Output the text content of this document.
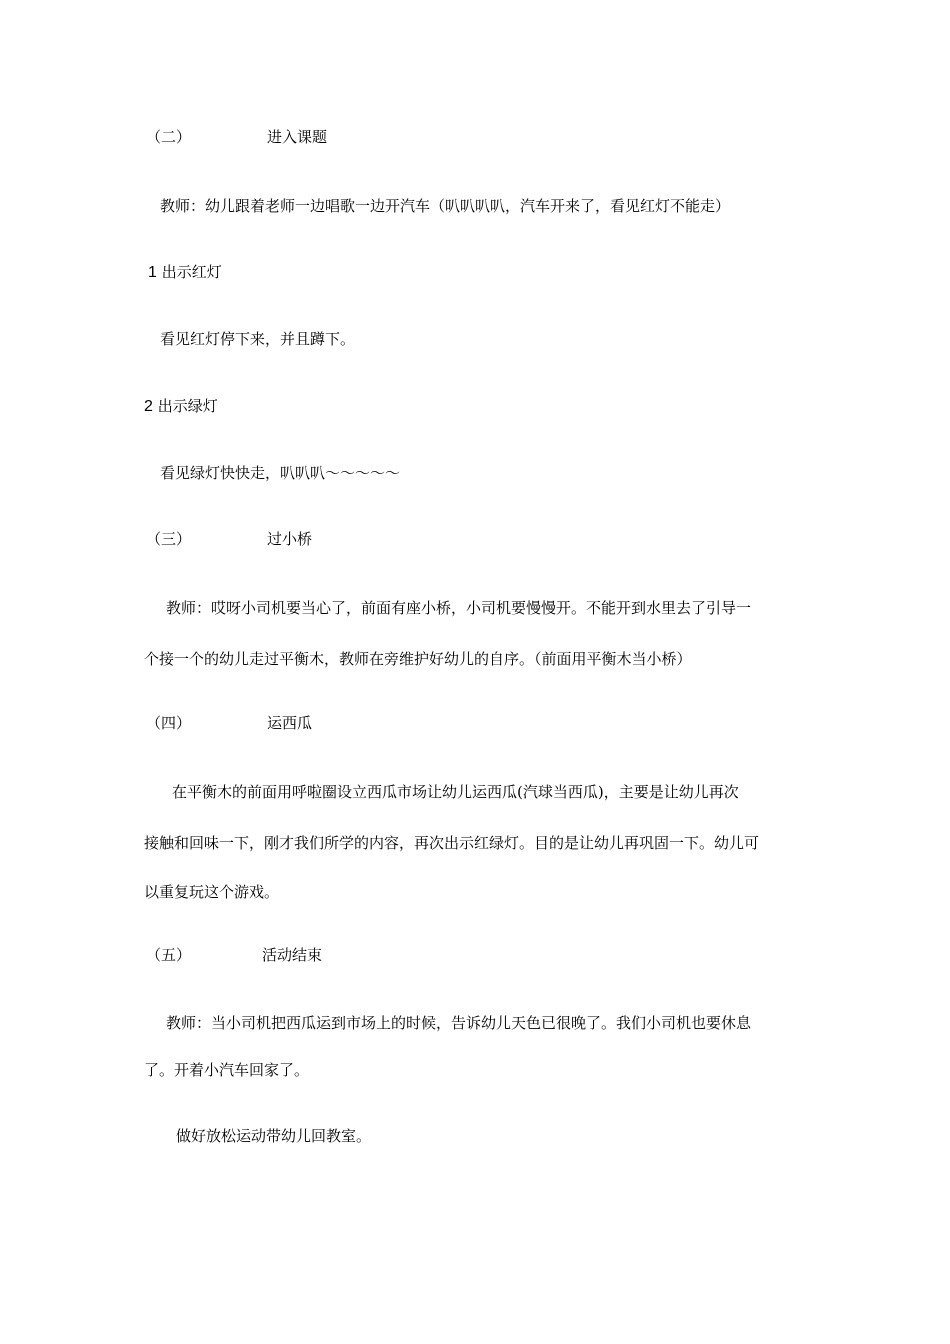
（二）	进入课题
教师：幼儿跟着老师一边唱歌一边开汽车（叭叭叭叭，汽车开来了，看见红灯不能走）
1 出示红灯
看见红灯停下来，并且蹲下。
2 出示绿灯
看见绿灯快快走，叭叭叭～～～～～
（三）	过小桥
教师：哎呀小司机要当心了，前面有座小桥，小司机要慢慢开。不能开到水里去了引导一
个接一个的幼儿走过平衡木，教师在旁维护好幼儿的自序。（前面用平衡木当小桥）
（四）	运西瓜
在平衡木的前面用呼啦圈设立西瓜市场让幼儿运西瓜(汽球当西瓜)，主要是让幼儿再次
接触和回味一下，刚才我们所学的内容，再次出示红绿灯。目的是让幼儿再巩固一下。幼儿可
以重复玩这个游戏。
（五）	活动结束
教师：当小司机把西瓜运到市场上的时候，告诉幼儿天色已很晚了。我们小司机也要休息
了。开着小汽车回家了。
做好放松运动带幼儿回教室。
